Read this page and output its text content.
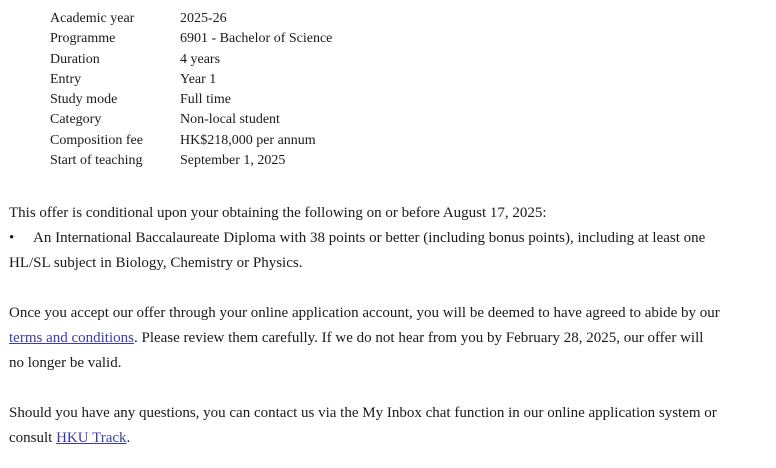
Academic year	2025-26
Programme	6901 - Bachelor of Science
Duration	4 years
Entry	Year 1
Study mode	Full time
Category	Non-local student
Composition fee	HK$218,000 per annum
Start of teaching	September 1, 2025

This offer is conditional upon your obtaining the following on or before August 17, 2025:

•	An International Baccalaureate Diploma with 38 points or better (including bonus points), including at least one

HL/SL subject in Biology, Chemistry or Physics.

Once you accept our offer through your online application account, you will be deemed to have agreed to abide by our

terms and conditions. Please review them carefully. If we do not hear from you by February 28, 2025, our offer will

no longer be valid.

Should you have any questions, you can contact us via the My Inbox chat function in our online application system or

consult HKU Track.
